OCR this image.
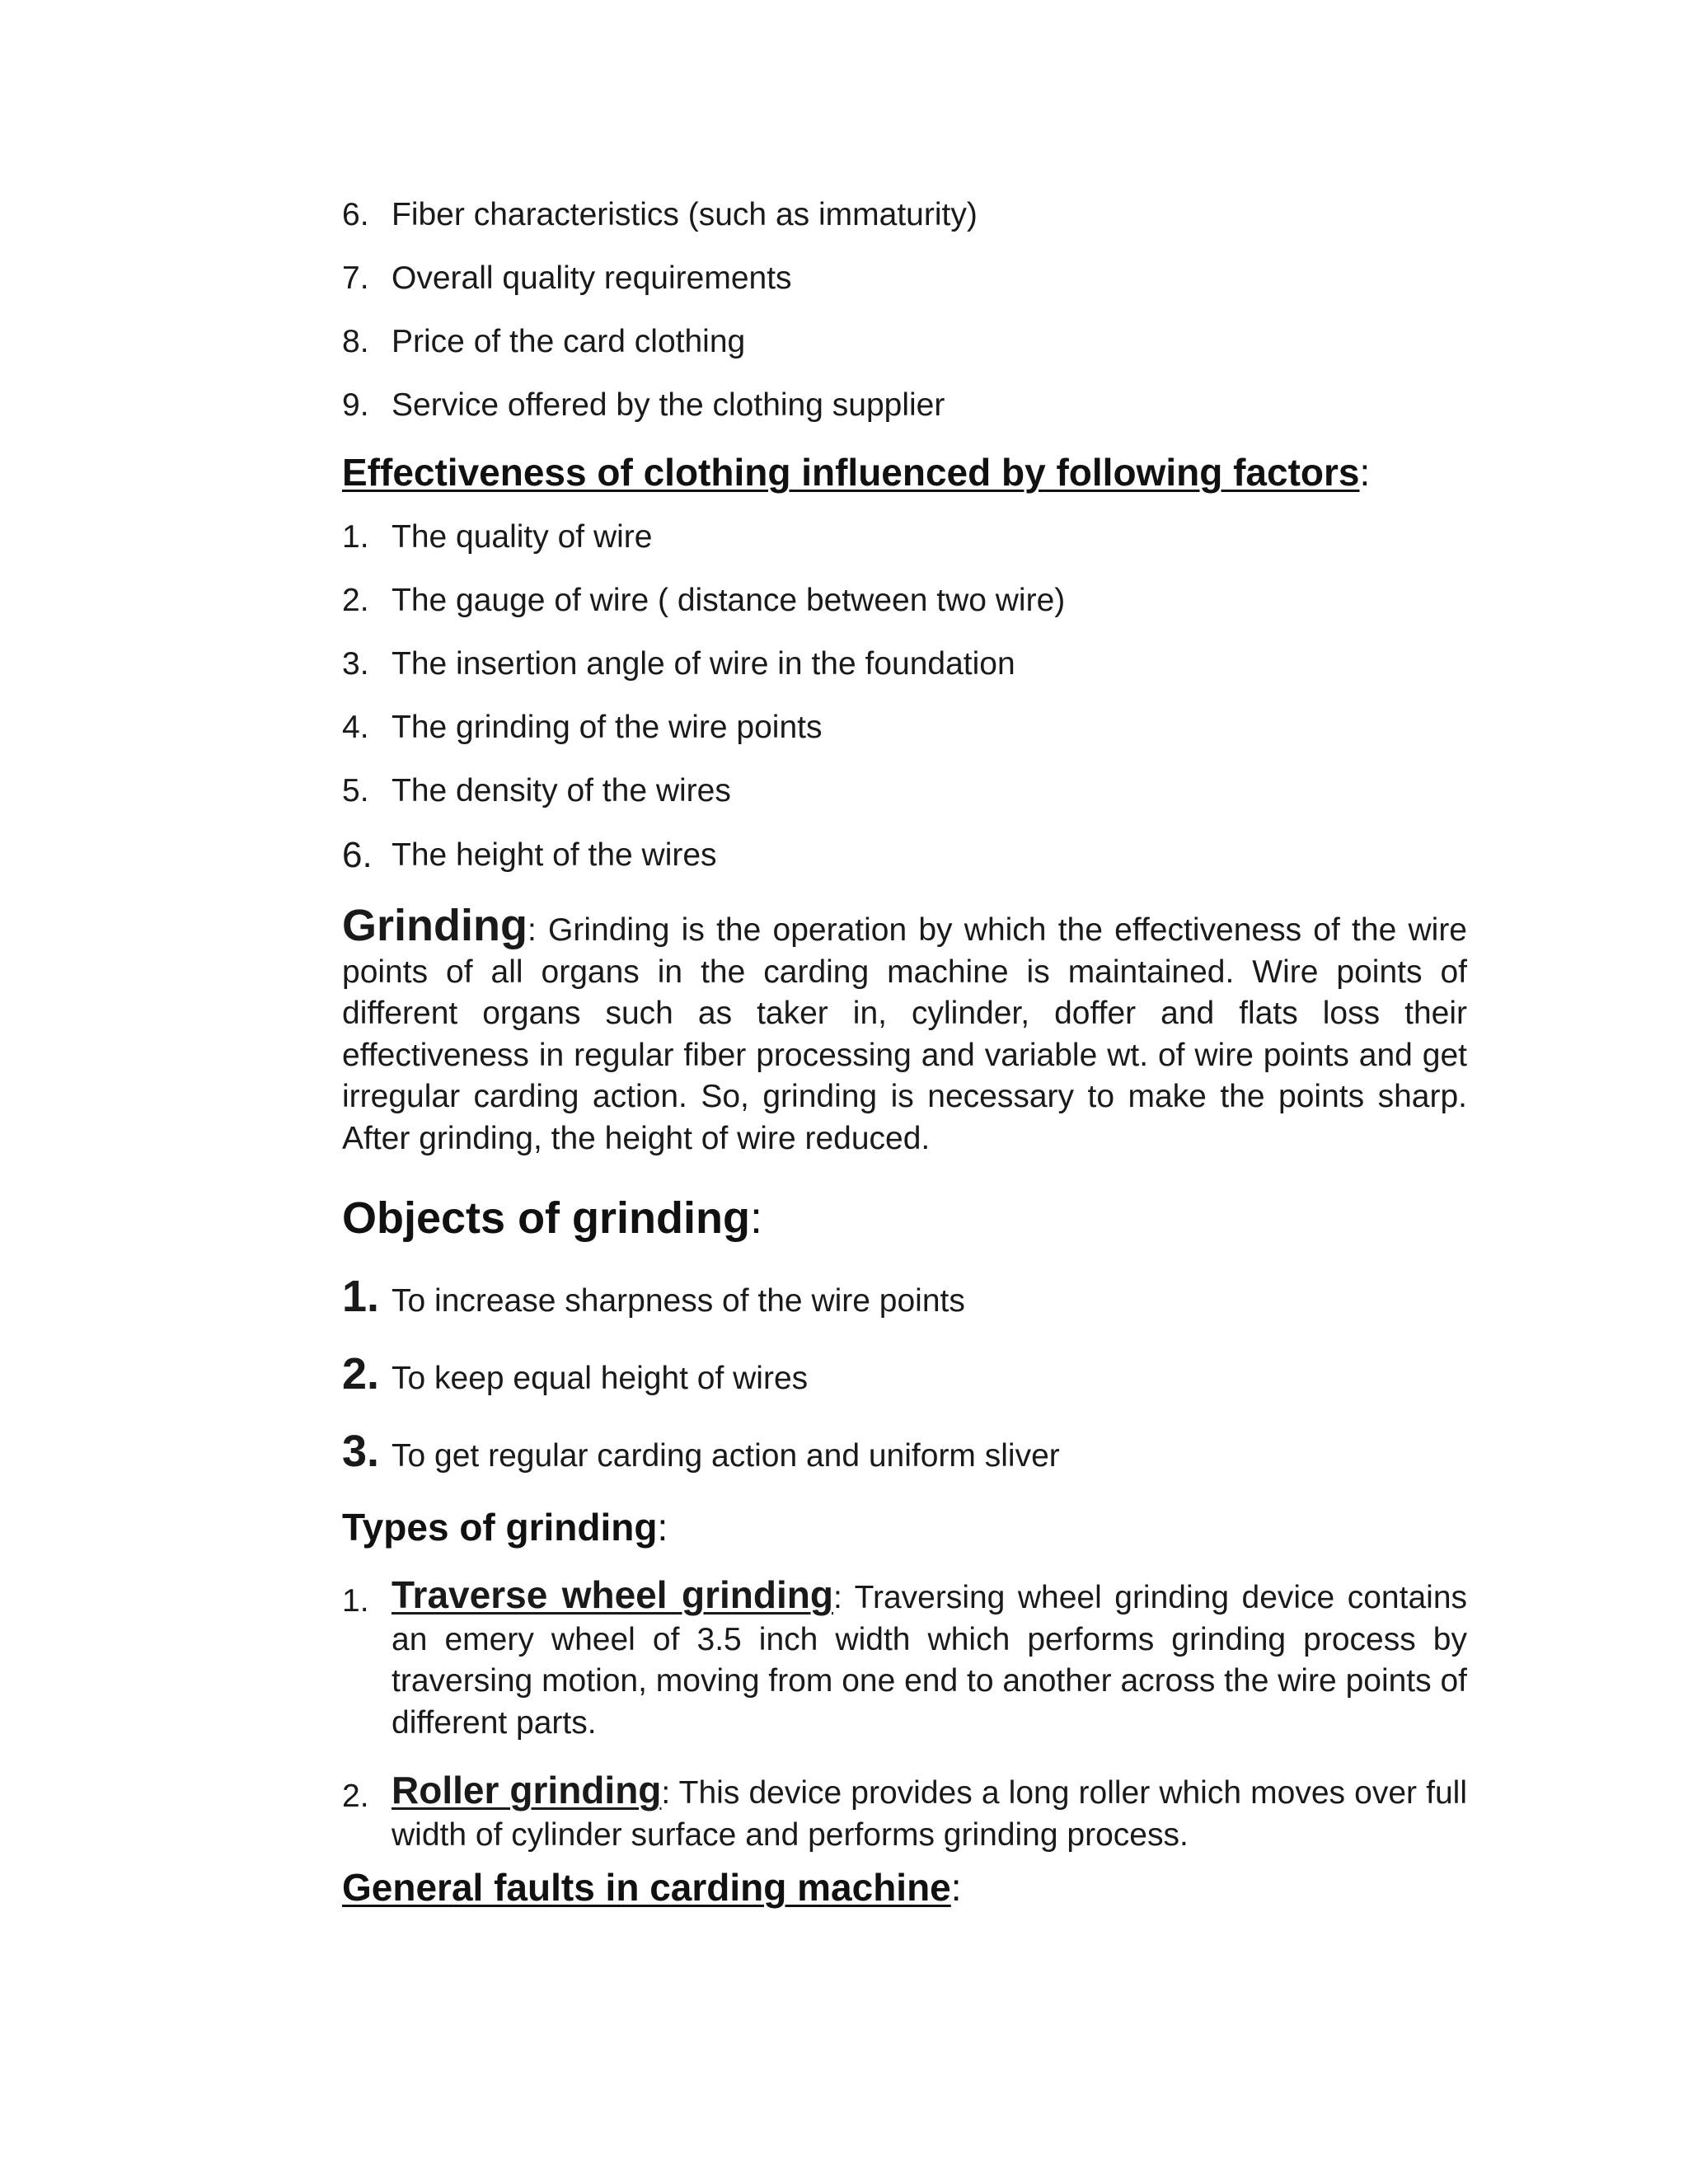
6. Fiber characteristics (such as immaturity)
7. Overall quality requirements
8. Price of the card clothing
9. Service offered by the clothing supplier
Effectiveness of clothing influenced by following factors:
1. The quality of wire
2. The gauge of wire ( distance between two wire)
3. The insertion angle of wire in the foundation
4. The grinding of the wire points
5. The density of the wires
6. The height of the wires
Grinding: Grinding is the operation by which the effectiveness of the wire points of all organs in the carding machine is maintained. Wire points of different organs such as taker in, cylinder, doffer and flats loss their effectiveness in regular fiber processing and variable wt. of wire points and get irregular carding action. So, grinding is necessary to make the points sharp. After grinding, the height of wire reduced.
Objects of grinding:
1. To increase sharpness of the wire points
2. To keep equal height of wires
3. To get regular carding action and uniform sliver
Types of grinding:
1. Traverse wheel grinding: Traversing wheel grinding device contains an emery wheel of 3.5 inch width which performs grinding process by traversing motion, moving from one end to another across the wire points of different parts.
2. Roller grinding: This device provides a long roller which moves over full width of cylinder surface and performs grinding process.
General faults in carding machine:
